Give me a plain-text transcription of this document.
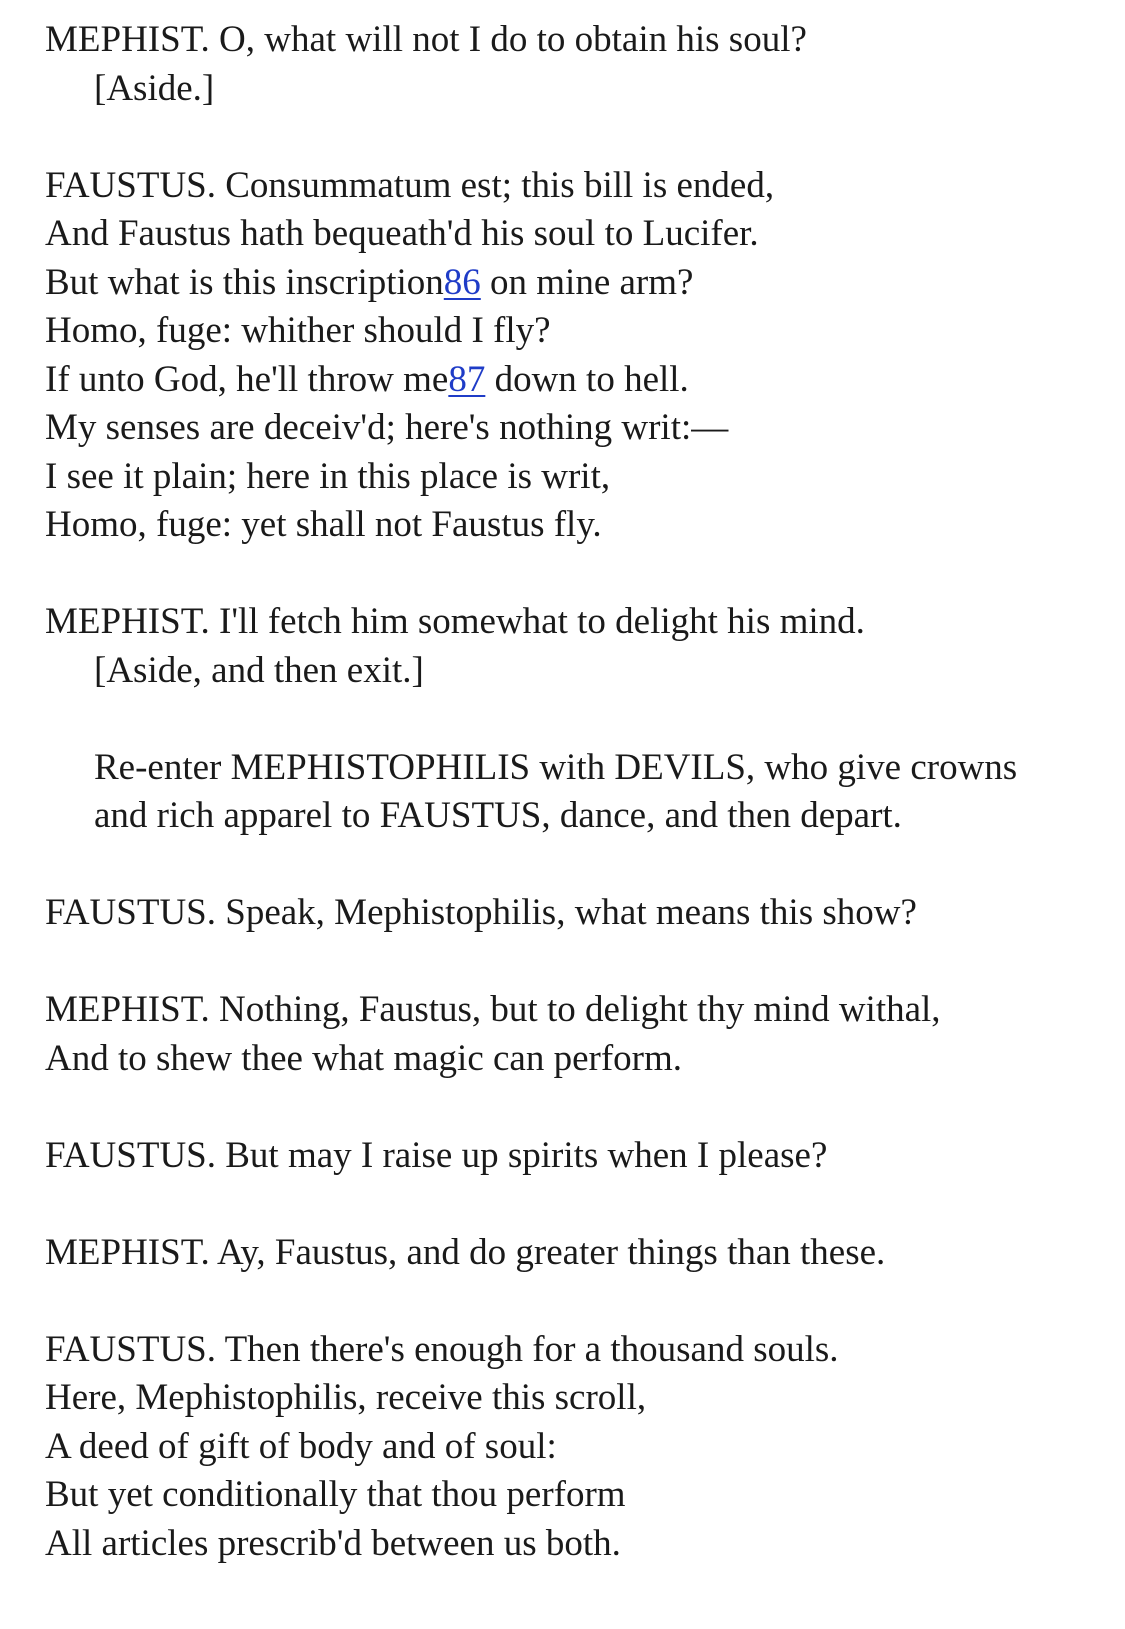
MEPHIST. O, what will not I do to obtain his soul?

[Aside.]

FAUSTUS. Consummatum est; this bill is ended,

And Faustus hath bequeath'd his soul to Lucifer.

But what is this inscription86 on mine arm?

Homo, fuge: whither should I fly?

If unto God, he'll throw me87 down to hell.

My senses are deceiv'd; here's nothing writ:—

I see it plain; here in this place is writ,

Homo, fuge: yet shall not Faustus fly.

MEPHIST. I'll fetch him somewhat to delight his mind.

[Aside, and then exit.]

Re-enter MEPHISTOPHILIS with DEVILS, who give crowns

and rich apparel to FAUSTUS, dance, and then depart.

FAUSTUS. Speak, Mephistophilis, what means this show?

MEPHIST. Nothing, Faustus, but to delight thy mind withal,

And to shew thee what magic can perform.

FAUSTUS. But may I raise up spirits when I please?

MEPHIST. Ay, Faustus, and do greater things than these.

FAUSTUS. Then there's enough for a thousand souls.

Here, Mephistophilis, receive this scroll,

A deed of gift of body and of soul:

But yet conditionally that thou perform

All articles prescrib'd between us both.
